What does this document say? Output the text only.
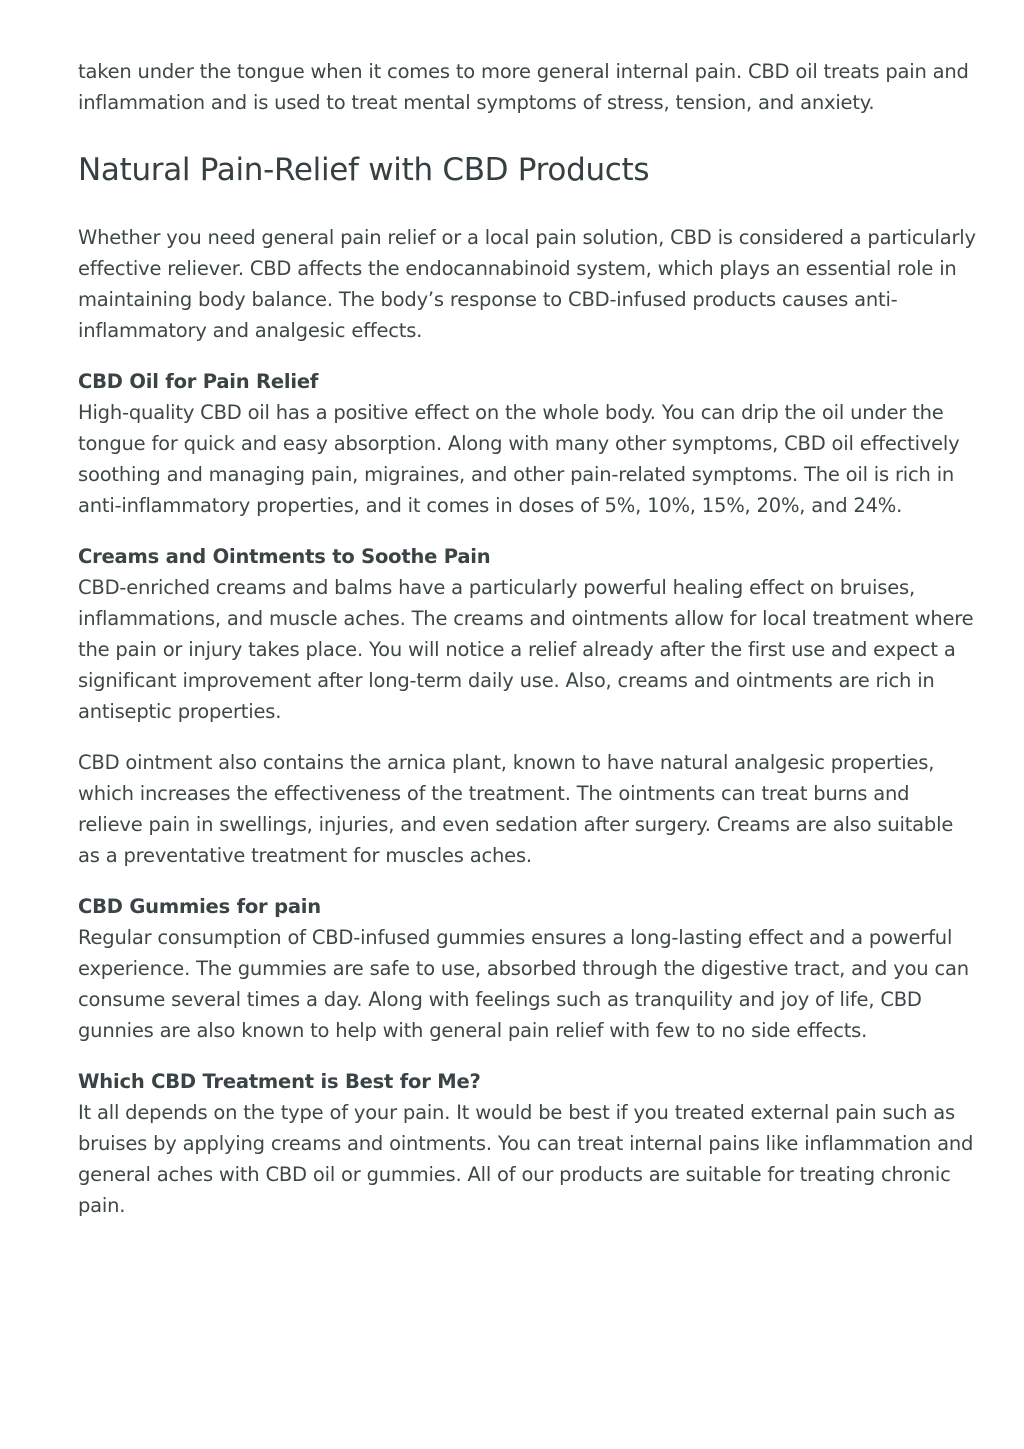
taken under the tongue when it comes to more general internal pain. CBD oil treats pain and inflammation and is used to treat mental symptoms of stress, tension, and anxiety.

Natural Pain-Relief with CBD Products

Whether you need general pain relief or a local pain solution, CBD is considered a particularly effective reliever. CBD affects the endocannabinoid system, which plays an essential role in maintaining body balance. The body’s response to CBD-infused products causes anti-inflammatory and analgesic effects.

CBD Oil for Pain Relief

High-quality CBD oil has a positive effect on the whole body. You can drip the oil under the tongue for quick and easy absorption. Along with many other symptoms, CBD oil effectively soothing and managing pain, migraines, and other pain-related symptoms. The oil is rich in anti-inflammatory properties, and it comes in doses of 5%, 10%, 15%, 20%, and 24%.

Creams and Ointments to Soothe Pain

CBD-enriched creams and balms have a particularly powerful healing effect on bruises, inflammations, and muscle aches. The creams and ointments allow for local treatment where the pain or injury takes place. You will notice a relief already after the first use and expect a significant improvement after long-term daily use. Also, creams and ointments are rich in antiseptic properties.

CBD ointment also contains the arnica plant, known to have natural analgesic properties, which increases the effectiveness of the treatment. The ointments can treat burns and relieve pain in swellings, injuries, and even sedation after surgery. Creams are also suitable as a preventative treatment for muscles aches.

CBD Gummies for pain

Regular consumption of CBD-infused gummies ensures a long-lasting effect and a powerful experience. The gummies are safe to use, absorbed through the digestive tract, and you can consume several times a day. Along with feelings such as tranquility and joy of life, CBD gunnies are also known to help with general pain relief with few to no side effects.

Which CBD Treatment is Best for Me?

It all depends on the type of your pain. It would be best if you treated external pain such as bruises by applying creams and ointments. You can treat internal pains like inflammation and general aches with CBD oil or gummies. All of our products are suitable for treating chronic pain.
